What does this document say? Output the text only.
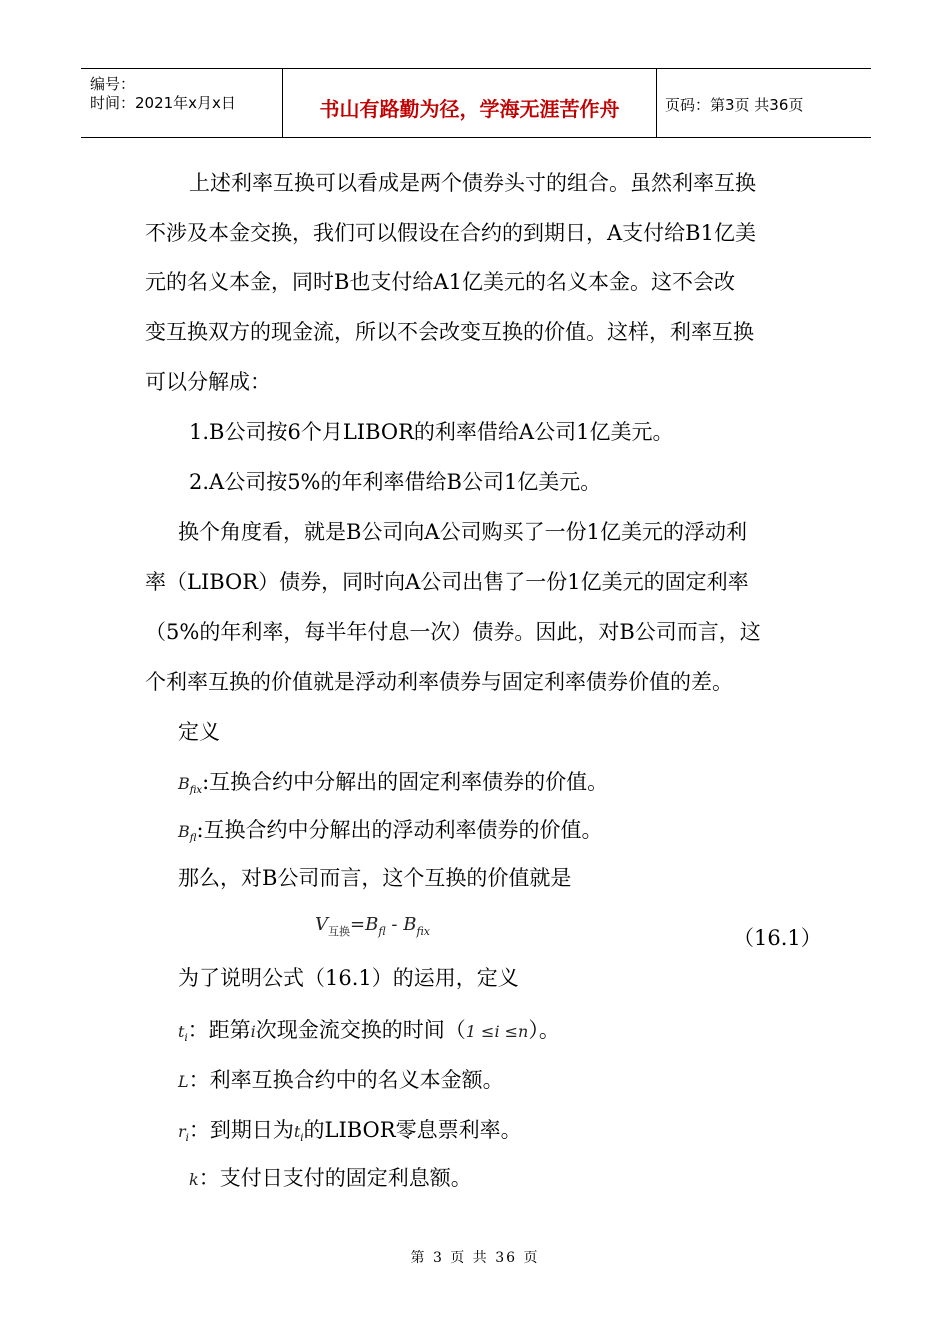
编号：
时间：2021年x月x日	书山有路勤为径，学海无涯苦作舟	页码：第3页 共36页
上述利率互换可以看成是两个债券头寸的组合。虽然利率互换
不涉及本金交换，我们可以假设在合约的到期日，A支付给B1亿美
元的名义本金，同时B也支付给A1亿美元的名义本金。这不会改
变互换双方的现金流，所以不会改变互换的价值。这样，利率互换
可以分解成：
1.B公司按6个月LIBOR的利率借给A公司1亿美元。
2.A公司按5%的年利率借给B公司1亿美元。
换个角度看，就是B公司向A公司购买了一份1亿美元的浮动利
率（LIBOR）债券，同时向A公司出售了一份1亿美元的固定利率
（5%的年利率，每半年付息一次）债券。因此，对B公司而言，这
个利率互换的价值就是浮动利率债券与固定利率债券价值的差。
定义
Bfix:互换合约中分解出的固定利率债券的价值。
Bfl:互换合约中分解出的浮动利率债券的价值。
那么，对B公司而言，这个互换的价值就是
$V_{互换}=B_{fl} - B_{fix}$	（16.1）
为了说明公式（16.1）的运用，定义
ti：距第i次现金流交换的时间（1 ≤i ≤n）。
L：利率互换合约中的名义本金额。
ri：到期日为ti的LIBOR零息票利率。
k：支付日支付的固定利息额。
第 3 页 共 36 页
